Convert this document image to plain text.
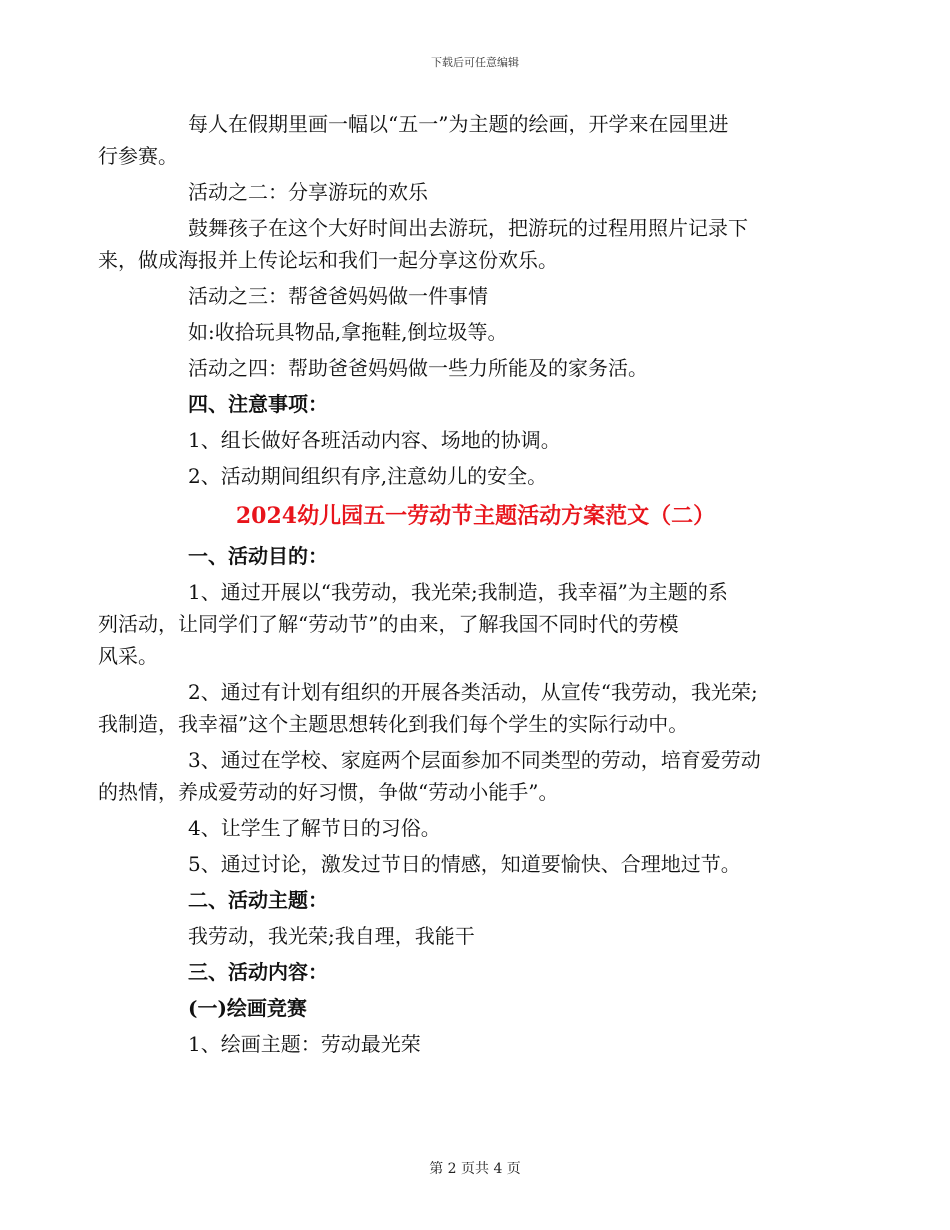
下载后可任意编辑

每人在假期里画一幅以“五一”为主题的绘画，开学来在园里进
行参赛。

活动之二：分享游玩的欢乐

鼓舞孩子在这个大好时间出去游玩，把游玩的过程用照片记录下
来，做成海报并上传论坛和我们一起分享这份欢乐。

活动之三：帮爸爸妈妈做一件事情

如:收拾玩具物品,拿拖鞋,倒垃圾等。

活动之四：帮助爸爸妈妈做一些力所能及的家务活。

四、注意事项：

1、组长做好各班活动内容、场地的协调。

2、活动期间组织有序,注意幼儿的安全。

2024幼儿园五一劳动节主题活动方案范文（二）

一、活动目的：

1、通过开展以“我劳动，我光荣;我制造，我幸福”为主题的系
列活动，让同学们了解“劳动节”的由来，了解我国不同时代的劳模
风采。

2、通过有计划有组织的开展各类活动，从宣传“我劳动，我光荣;
我制造，我幸福”这个主题思想转化到我们每个学生的实际行动中。

3、通过在学校、家庭两个层面参加不同类型的劳动，培育爱劳动
的热情，养成爱劳动的好习惯，争做“劳动小能手”。

4、让学生了解节日的习俗。

5、通过讨论，激发过节日的情感，知道要愉快、合理地过节。

二、活动主题：

我劳动，我光荣;我自理，我能干

三、活动内容：

(一)绘画竞赛

1、绘画主题：劳动最光荣

第 2 页共 4 页
